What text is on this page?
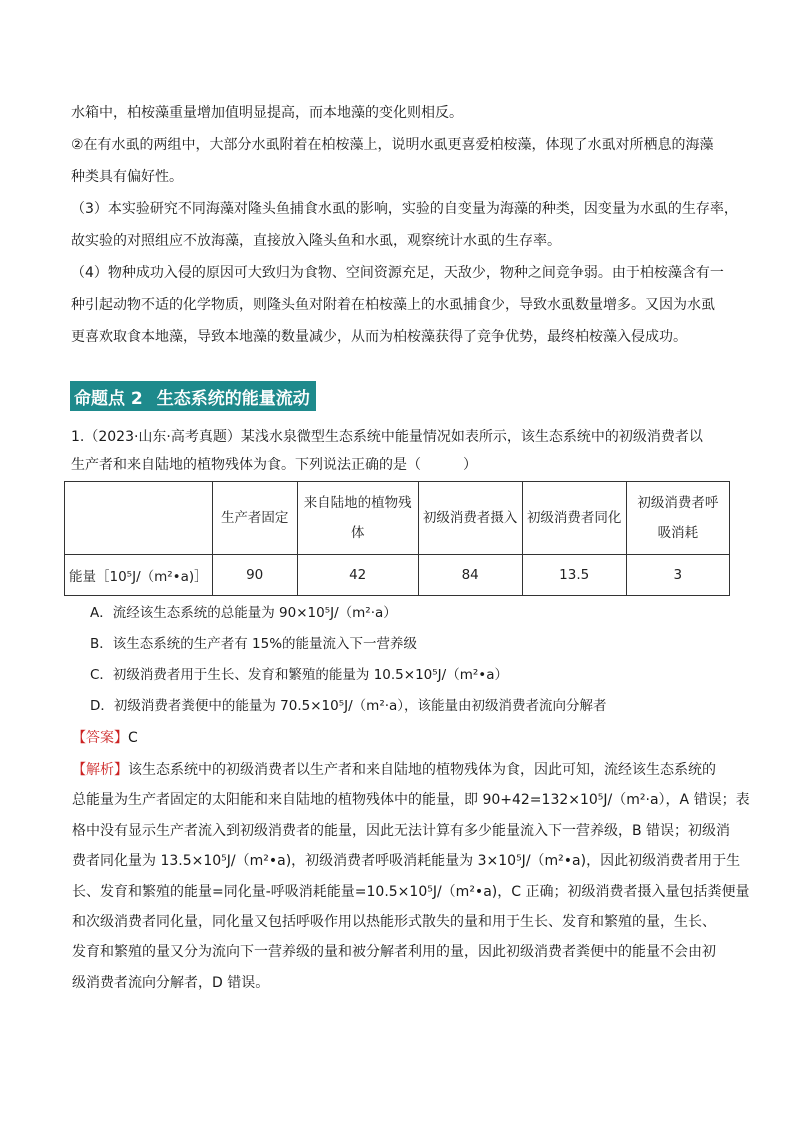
水箱中，柏桉藻重量增加值明显提高，而本地藻的变化则相反。

②在有水虱的两组中，大部分水虱附着在柏桉藻上，说明水虱更喜爱柏桉藻，体现了水虱对所栖息的海藻

种类具有偏好性。

（3）本实验研究不同海藻对隆头鱼捕食水虱的影响，实验的自变量为海藻的种类，因变量为水虱的生存率，

故实验的对照组应不放海藻，直接放入隆头鱼和水虱，观察统计水虱的生存率。

（4）物种成功入侵的原因可大致归为食物、空间资源充足，天敌少，物种之间竞争弱。由于柏桉藻含有一

种引起动物不适的化学物质，则隆头鱼对附着在柏桉藻上的水虱捕食少，导致水虱数量增多。又因为水虱

更喜欢取食本地藻，导致本地藻的数量减少，从而为柏桉藻获得了竞争优势，最终柏桉藻入侵成功。

命题点 2 生态系统的能量流动

1.（2023·山东·高考真题）某浅水泉微型生态系统中能量情况如表所示，该生态系统中的初级消费者以

生产者和来自陆地的植物残体为食。下列说法正确的是（　　　）

	生产者固定	来自陆地的植物残体	初级消费者摄入	初级消费者同化	初级消费者呼吸消耗
能量［10⁵J/（m²•a)］	90	42	84	13.5	3

A．流经该生态系统的总能量为 90×10⁵J/（m²·a）

B．该生态系统的生产者有 15%的能量流入下一营养级

C．初级消费者用于生长、发育和繁殖的能量为 10.5×10⁵J/（m²•a）

D．初级消费者粪便中的能量为 70.5×10⁵J/（m²·a），该能量由初级消费者流向分解者

【答案】C

【解析】该生态系统中的初级消费者以生产者和来自陆地的植物残体为食，因此可知，流经该生态系统的

总能量为生产者固定的太阳能和来自陆地的植物残体中的能量，即 90+42=132×10⁵J/（m²·a），A 错误；表

格中没有显示生产者流入到初级消费者的能量，因此无法计算有多少能量流入下一营养级，B 错误；初级消

费者同化量为 13.5×10⁵J/（m²•a)，初级消费者呼吸消耗能量为 3×10⁵J/（m²•a)，因此初级消费者用于生

长、发育和繁殖的能量=同化量-呼吸消耗能量=10.5×10⁵J/（m²•a)，C 正确；初级消费者摄入量包括粪便量

和次级消费者同化量，同化量又包括呼吸作用以热能形式散失的量和用于生长、发育和繁殖的量，生长、

发育和繁殖的量又分为流向下一营养级的量和被分解者利用的量，因此初级消费者粪便中的能量不会由初

级消费者流向分解者，D 错误。
